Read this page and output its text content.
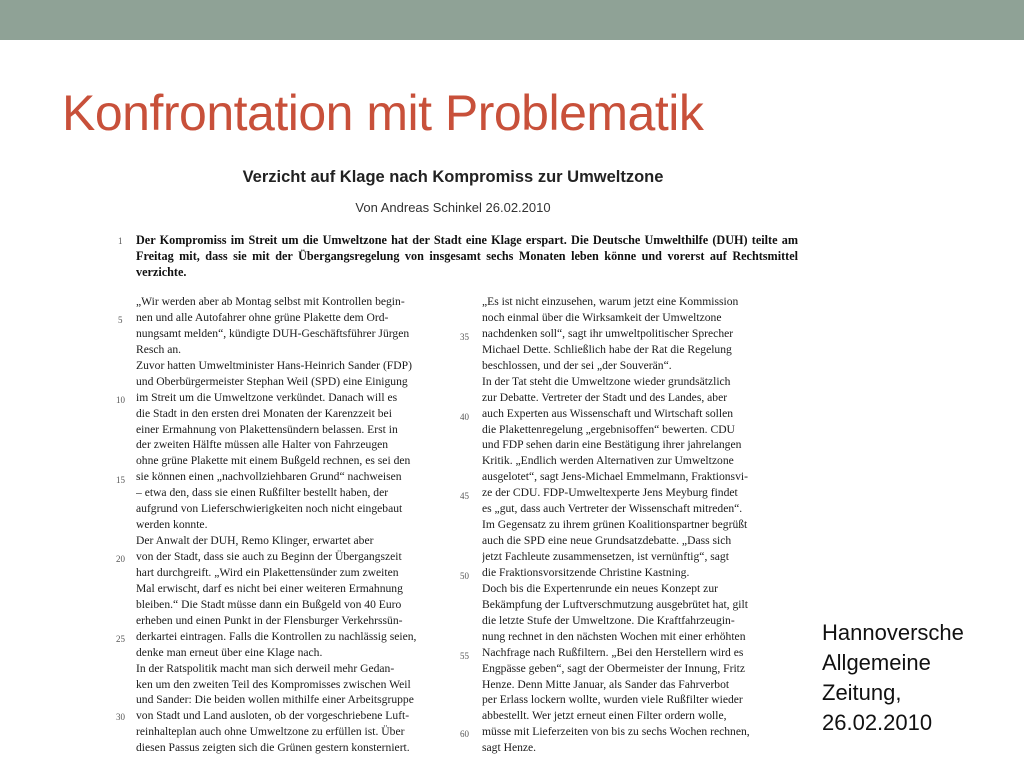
Konfrontation mit Problematik
Verzicht auf Klage nach Kompromiss zur Umweltzone
Von Andreas Schinkel 26.02.2010
1 Der Kompromiss im Streit um die Umweltzone hat der Stadt eine Klage erspart. Die Deutsche Umwelthilfe (DUH) teilte am Freitag mit, dass sie mit der Übergangsregelung von insgesamt sechs Monaten leben könne und vorerst auf Rechtsmittel verzichte.
„Wir werden aber ab Montag selbst mit Kontrollen begin-
nen und alle Autofahrer ohne grüne Plakette dem Ord-
nungsamt melden“, kündigte DUH-Geschäftsführer Jürgen
Resch an.
Zuvor hatten Umweltminister Hans-Heinrich Sander (FDP)
und Oberbürgermeister Stephan Weil (SPD) eine Einigung
im Streit um die Umweltzone verkündet. Danach will es
die Stadt in den ersten drei Monaten der Karenzzeit bei
einer Ermahnung von Plakettensündern belassen. Erst in
der zweiten Hälfte müssen alle Halter von Fahrzeugen
ohne grüne Plakette mit einem Bußgeld rechnen, es sei den
sie können einen „nachvollziehbaren Grund“ nachweisen
– etwa den, dass sie einen Rußfilter bestellt haben, der
aufgrund von Lieferschwierigkeiten noch nicht eingebaut
werden konnte.
Der Anwalt der DUH, Remo Klinger, erwartet aber
von der Stadt, dass sie auch zu Beginn der Übergangszeit
hart durchgreift. „Wird ein Plakettensünder zum zweiten
Mal erwischt, darf es nicht bei einer weiteren Ermahnung
bleiben.“ Die Stadt müsse dann ein Bußgeld von 40 Euro
erheben und einen Punkt in der Flensburger Verkehrssün-
derkartei eintragen. Falls die Kontrollen zu nachlässig seien,
denke man erneut über eine Klage nach.
In der Ratspolitik macht man sich derweil mehr Gedan-
ken um den zweiten Teil des Kompromisses zwischen Weil
und Sander: Die beiden wollen mithilfe einer Arbeitsgruppe
von Stadt und Land ausloten, ob der vorgeschriebene Luft-
reinhalteplan auch ohne Umweltzone zu erfüllen ist. Über
diesen Passus zeigten sich die Grünen gestern konsterniert.
„Es ist nicht einzusehen, warum jetzt eine Kommission
noch einmal über die Wirksamkeit der Umweltzone
nachdenken soll“, sagt ihr umweltpolitischer Sprecher
Michael Dette. Schließlich habe der Rat die Regelung
beschlossen, und der sei „der Souverän“.
In der Tat steht die Umweltzone wieder grundsätzlich
zur Debatte. Vertreter der Stadt und des Landes, aber
auch Experten aus Wissenschaft und Wirtschaft sollen
die Plakettenregelung „ergebnisoffen“ bewerten. CDU
und FDP sehen darin eine Bestätigung ihrer jahrelangen
Kritik. „Endlich werden Alternativen zur Umweltzone
ausgelotet“, sagt Jens-Michael Emmelmann, Fraktionsvi-
ze der CDU. FDP-Umweltexperte Jens Meyburg findet
es „gut, dass auch Vertreter der Wissenschaft mitreden“.
Im Gegensatz zu ihrem grünen Koalitionspartner begrüßt
auch die SPD eine neue Grundsatzdebatte. „Dass sich
jetzt Fachleute zusammensetzen, ist vernünftig“, sagt
die Fraktionsvorsitzende Christine Kastning.
Doch bis die Expertenrunde ein neues Konzept zur
Bekämpfung der Luftverschmutzung ausgebrütet hat, gilt
die letzte Stufe der Umweltzone. Die Kraftfahrzeugin-
nung rechnet in den nächsten Wochen mit einer erhöhten
Nachfrage nach Rußfiltern. „Bei den Herstellern wird es
Engpässe geben“, sagt der Obermeister der Innung, Fritz
Henze. Denn Mitte Januar, als Sander das Fahrverbot
per Erlass lockern wollte, wurden viele Rußfilter wieder
abbestellt. Wer jetzt erneut einen Filter ordern wolle,
müsse mit Lieferzeiten von bis zu sechs Wochen rechnen,
sagt Henze.
5
10
15
20
25
30
35
40
45
50
55
60
Hannoversche
Allgemeine
Zeitung,
26.02.2010
